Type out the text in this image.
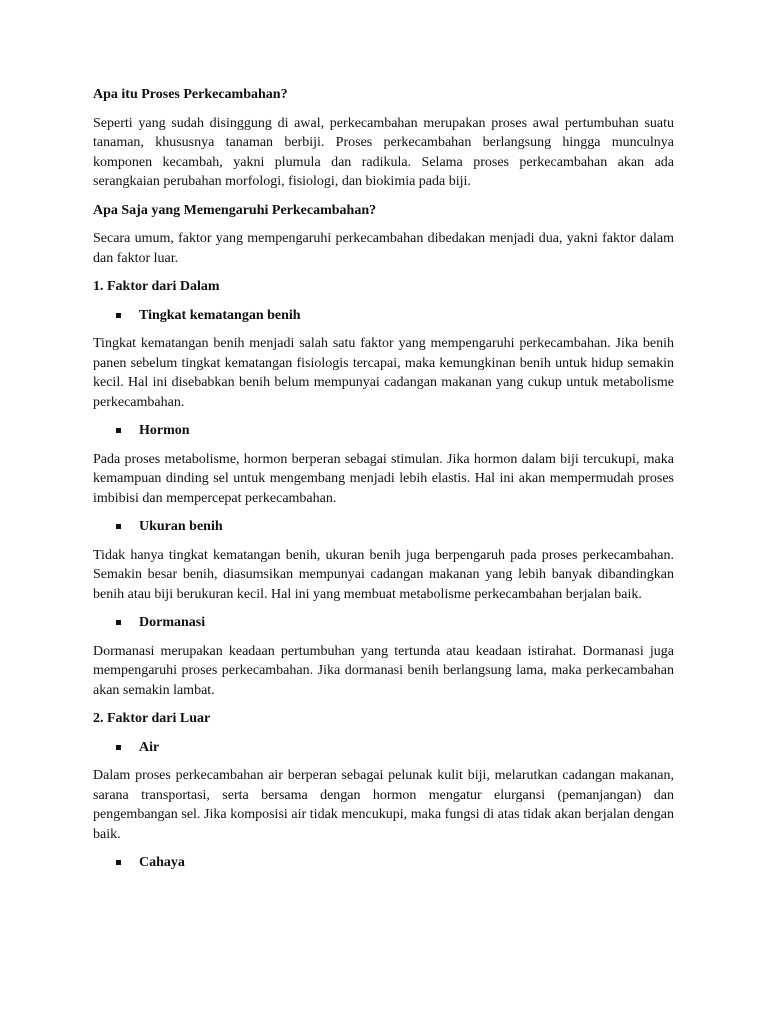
Apa itu Proses Perkecambahan?
Seperti yang sudah disinggung di awal, perkecambahan merupakan proses awal pertumbuhan suatu tanaman, khususnya tanaman berbiji. Proses perkecambahan berlangsung hingga munculnya komponen kecambah, yakni plumula dan radikula. Selama proses perkecambahan akan ada serangkaian perubahan morfologi, fisiologi, dan biokimia pada biji.
Apa Saja yang Memengaruhi Perkecambahan?
Secara umum, faktor yang mempengaruhi perkecambahan dibedakan menjadi dua, yakni faktor dalam dan faktor luar.
1. Faktor dari Dalam
Tingkat kematangan benih
Tingkat kematangan benih menjadi salah satu faktor yang mempengaruhi perkecambahan. Jika benih panen sebelum tingkat kematangan fisiologis tercapai, maka kemungkinan benih untuk hidup semakin kecil. Hal ini disebabkan benih belum mempunyai cadangan makanan yang cukup untuk metabolisme perkecambahan.
Hormon
Pada proses metabolisme, hormon berperan sebagai stimulan. Jika hormon dalam biji tercukupi, maka kemampuan dinding sel untuk mengembang menjadi lebih elastis. Hal ini akan mempermudah proses imbibisi dan mempercepat perkecambahan.
Ukuran benih
Tidak hanya tingkat kematangan benih, ukuran benih juga berpengaruh pada proses perkecambahan. Semakin besar benih, diasumsikan mempunyai cadangan makanan yang lebih banyak dibandingkan benih atau biji berukuran kecil. Hal ini yang membuat metabolisme perkecambahan berjalan baik.
Dormanasi
Dormanasi merupakan keadaan pertumbuhan yang tertunda atau keadaan istirahat. Dormanasi juga mempengaruhi proses perkecambahan. Jika dormanasi benih berlangsung lama, maka perkecambahan akan semakin lambat.
2. Faktor dari Luar
Air
Dalam proses perkecambahan air berperan sebagai pelunak kulit biji, melarutkan cadangan makanan, sarana transportasi, serta bersama dengan hormon mengatur elurgansi (pemanjangan) dan pengembangan sel. Jika komposisi air tidak mencukupi, maka fungsi di atas tidak akan berjalan dengan baik.
Cahaya
